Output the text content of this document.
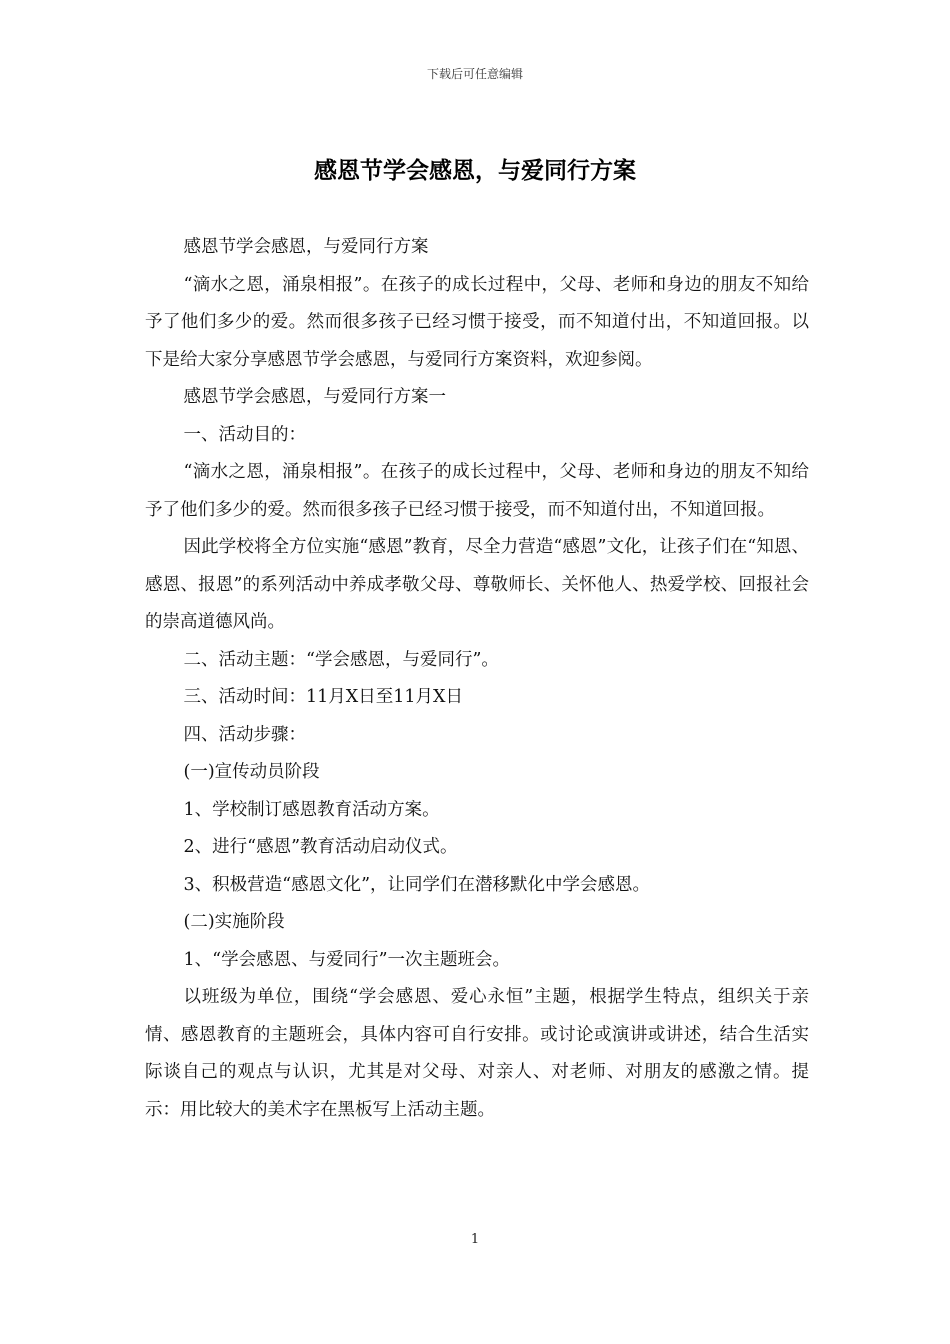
下载后可任意编辑
感恩节学会感恩，与爱同行方案

感恩节学会感恩，与爱同行方案

“滴水之恩，涌泉相报”。在孩子的成长过程中，父母、老师和身边的朋友不知给予了他们多少的爱。然而很多孩子已经习惯于接受，而不知道付出，不知道回报。以下是给大家分享感恩节学会感恩，与爱同行方案资料，欢迎参阅。

感恩节学会感恩，与爱同行方案一

一、活动目的：

“滴水之恩，涌泉相报”。在孩子的成长过程中，父母、老师和身边的朋友不知给予了他们多少的爱。然而很多孩子已经习惯于接受，而不知道付出，不知道回报。

因此学校将全方位实施“感恩”教育，尽全力营造“感恩”文化，让孩子们在“知恩、感恩、报恩”的系列活动中养成孝敬父母、尊敬师长、关怀他人、热爱学校、回报社会的崇高道德风尚。

二、活动主题：“学会感恩，与爱同行”。

三、活动时间：11月X日至11月X日

四、活动步骤：

(一)宣传动员阶段

1、学校制订感恩教育活动方案。

2、进行“感恩”教育活动启动仪式。

3、积极营造“感恩文化”，让同学们在潜移默化中学会感恩。

(二)实施阶段

1、“学会感恩、与爱同行”一次主题班会。

以班级为单位，围绕“学会感恩、爱心永恒”主题，根据学生特点，组织关于亲情、感恩教育的主题班会，具体内容可自行安排。或讨论或演讲或讲述，结合生活实际谈自己的观点与认识，尤其是对父母、对亲人、对老师、对朋友的感激之情。提示：用比较大的美术字在黑板写上活动主题。

1
